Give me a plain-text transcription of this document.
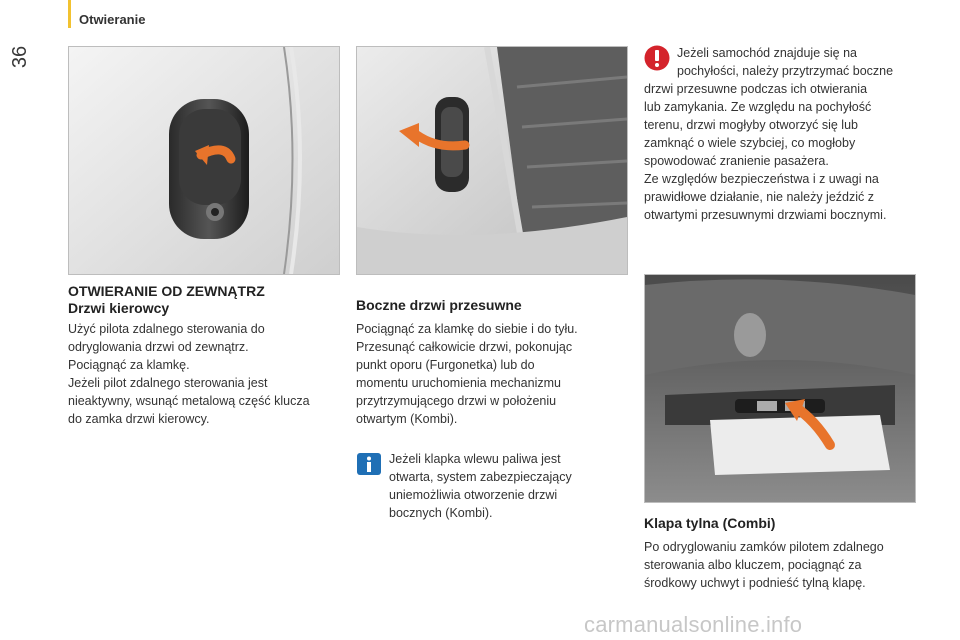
36
Otwieranie
OTWIERANIE OD ZEWNĄTRZ
Drzwi kierowcy
Użyć pilota zdalnego sterowania do
odryglowania drzwi od zewnątrz.
Pociągnąć za klamkę.
Jeżeli pilot zdalnego sterowania jest
nieaktywny, wsunąć metalową część klucza
do zamka drzwi kierowcy.
Boczne drzwi przesuwne
Pociągnąć za klamkę do siebie i do tyłu.
Przesunąć całkowicie drzwi, pokonując
punkt oporu (Furgonetka) lub do
momentu uruchomienia mechanizmu
przytrzymującego drzwi w położeniu
otwartym (Kombi).
Jeżeli klapka wlewu paliwa jest
otwarta, system zabezpieczający
uniemożliwia otworzenie drzwi
bocznych (Kombi).
Jeżeli samochód znajduje się na
pochyłości, należy przytrzymać boczne
drzwi przesuwne podczas ich otwierania
lub zamykania. Ze względu na pochyłość
terenu, drzwi mogłyby otworzyć się lub
zamknąć o wiele szybciej, co mogłoby
spowodować zranienie pasażera.
Ze względów bezpieczeństwa i z uwagi na
prawidłowe działanie, nie należy jeździć z
otwartymi przesuwnymi drzwiami bocznymi.
Klapa tylna (Combi)
Po odryglowaniu zamków pilotem zdalnego
sterowania albo kluczem, pociągnąć za
środkowy uchwyt i podnieść tylną klapę.
carmanualsonline.info
